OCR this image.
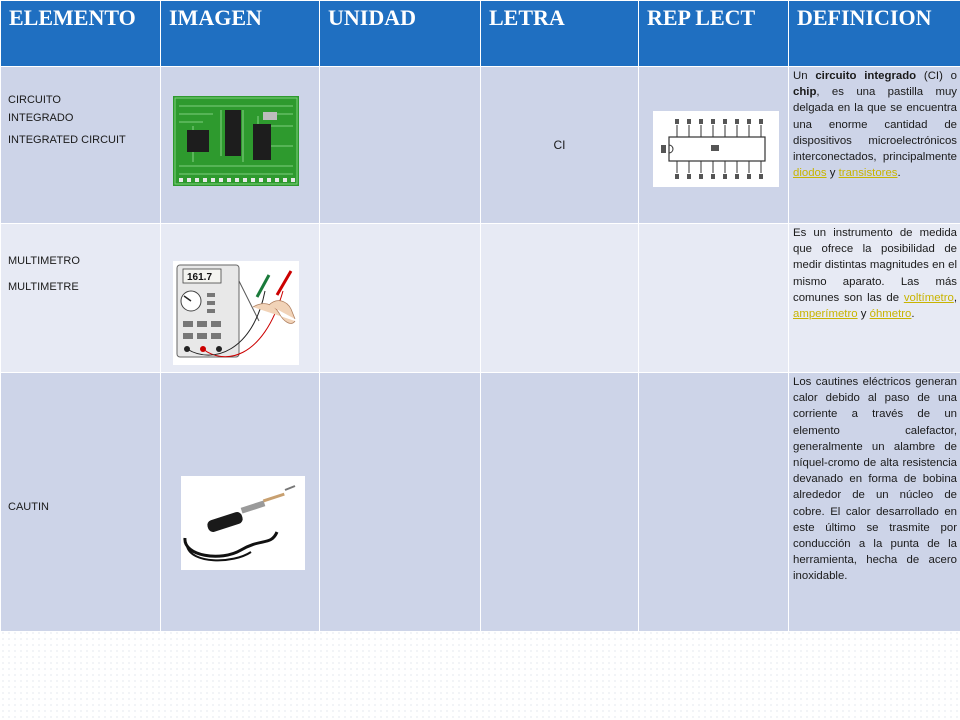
ELEMENTO	IMAGEN	UNIDAD	LETRA	REP LECT	DEFINICION

CIRCUITO
INTEGRADO
INTEGRATED CIRCUIT			CI		Un circuito integrado (CI) o chip, es una pastilla muy delgada en la que se encuentra una enorme cantidad de dispositivos microelectrónicos interconectados, principalmente diodos y transistores.

MULTIMETRO
MULTIMETRE	161.7				Es un instrumento de medida que ofrece la posibilidad de medir distintas magnitudes en el mismo aparato. Las más comunes son las de voltímetro, amperímetro y óhmetro.

CAUTIN					Los cautines eléctricos generan calor debido al paso de una corriente a través de un elemento calefactor, generalmente un alambre de níquel-cromo de alta resistencia devanado en forma de bobina alrededor de un núcleo de cobre. El calor desarrollado en este último se trasmite por conducción a la punta de la herramienta, hecha de acero inoxidable.
